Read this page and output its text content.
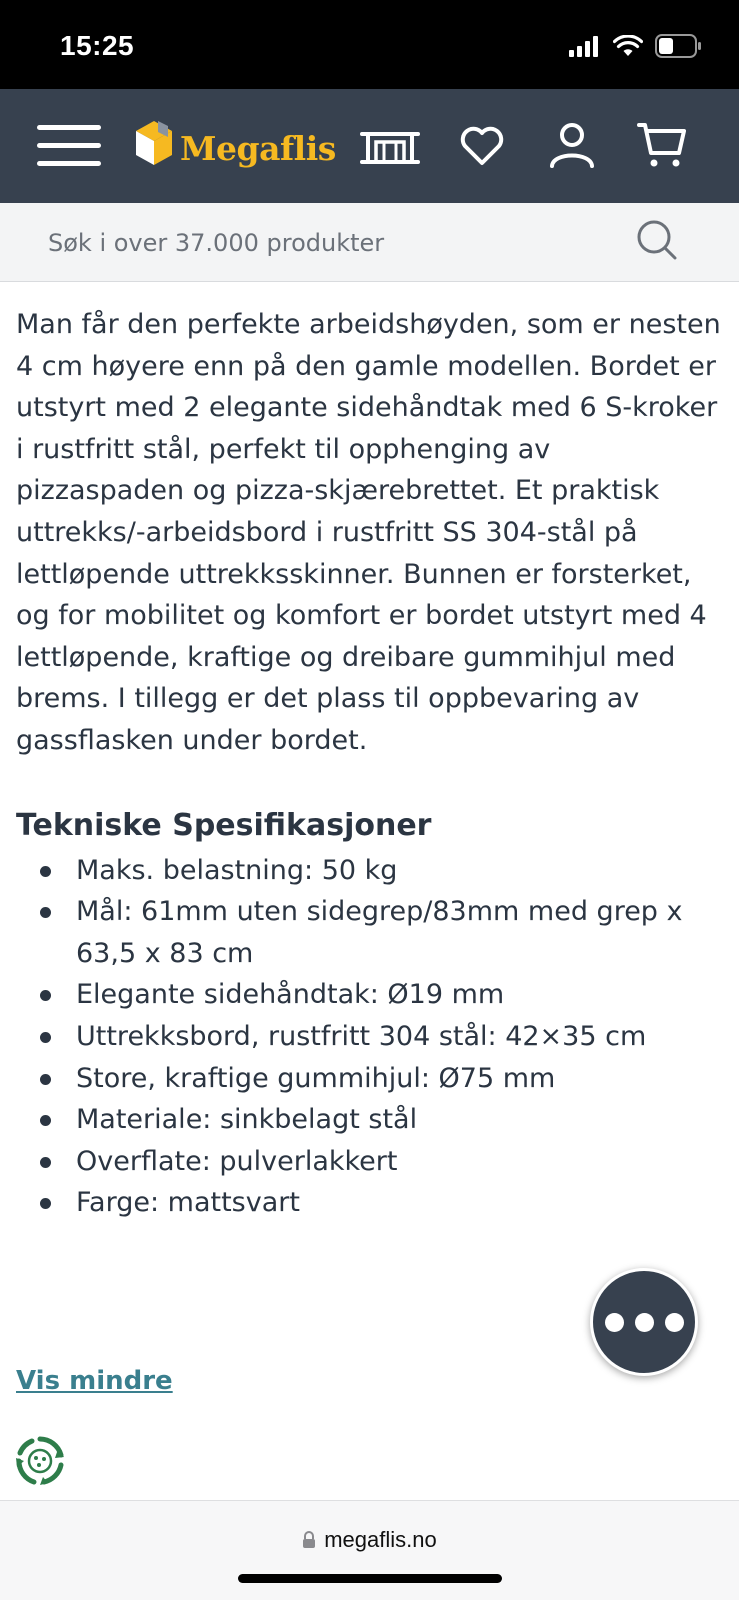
15:25
Megaflis
Søk i over 37.000 produkter

Man får den perfekte arbeidshøyden, som er nesten 4 cm høyere enn på den gamle modellen. Bordet er utstyrt med 2 elegante sidehåndtak med 6 S-kroker i rustfritt stål, perfekt til opphenging av pizzaspaden og pizza-skjærebrettet. Et praktisk uttrekks/-arbeidsbord i rustfritt SS 304-stål på lettløpende uttrekksskinner. Bunnen er forsterket, og for mobilitet og komfort er bordet utstyrt med 4 lettløpende, kraftige og dreibare gummihjul med brems. I tillegg er det plass til oppbevaring av gassflasken under bordet.

Tekniske Spesifikasjoner
Maks. belastning: 50 kg
Mål: 61mm uten sidegrep/83mm med grep x 63,5 x 83 cm
Elegante sidehåndtak: Ø19 mm
Uttrekksbord, rustfritt 304 stål: 42×35 cm
Store, kraftige gummihjul: Ø75 mm
Materiale: sinkbelagt stål
Overflate: pulverlakkert
Farge: mattsvart
Vis mindre
megaflis.no
